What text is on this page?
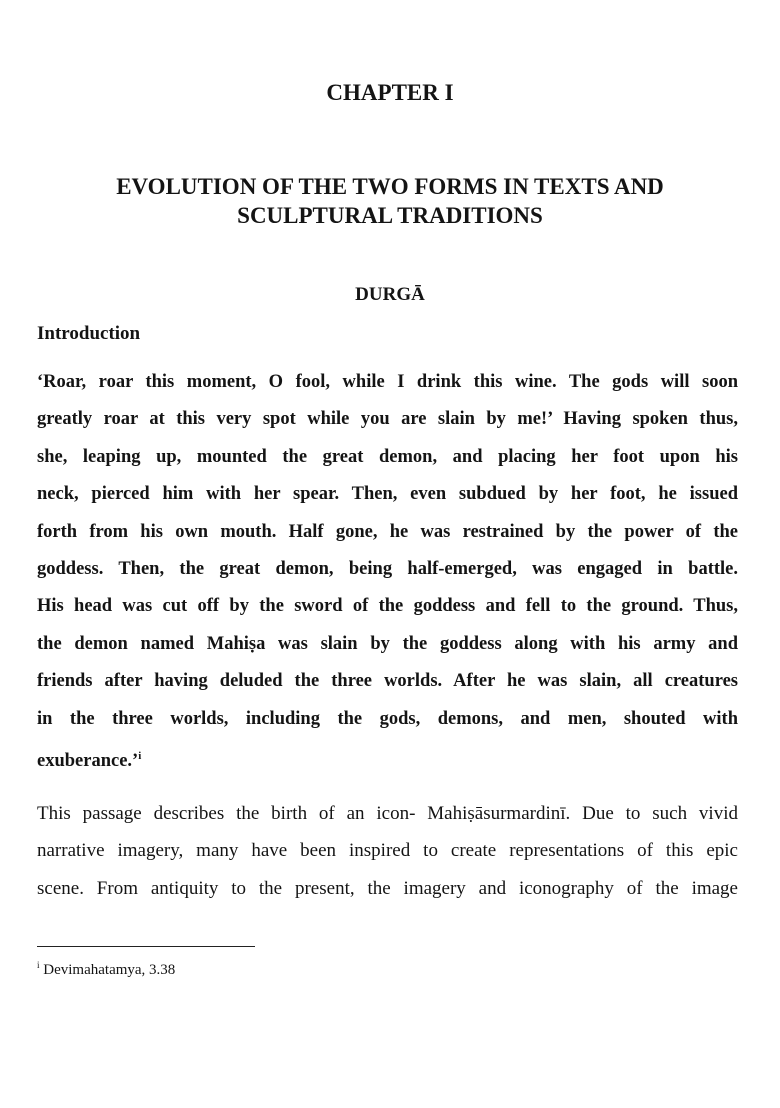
CHAPTER I
EVOLUTION OF THE TWO FORMS IN TEXTS AND
SCULPTURAL TRADITIONS
DURGĀ
Introduction
‘Roar, roar this moment, O fool, while I drink this wine. The gods will soon
greatly roar at this very spot while you are slain by me!’ Having spoken thus,
she, leaping up, mounted the great demon, and placing her foot upon his
neck, pierced him with her spear. Then, even subdued by her foot, he issued
forth from his own mouth. Half gone, he was restrained by the power of the
goddess. Then, the great demon, being half-emerged, was engaged in battle.
His head was cut off by the sword of the goddess and fell to the ground. Thus,
the demon named Mahiṣa was slain by the goddess along with his army and
friends after having deluded the three worlds. After he was slain, all creatures
in the three worlds, including the gods, demons, and men, shouted with
exuberance.’$^i$
This passage describes the birth of an icon- Mahiṣāsurmardinī. Due to such vivid
narrative imagery, many have been inspired to create representations of this epic
scene. From antiquity to the present, the imagery and iconography of the image
$^i$ Devimahatamya, 3.38
